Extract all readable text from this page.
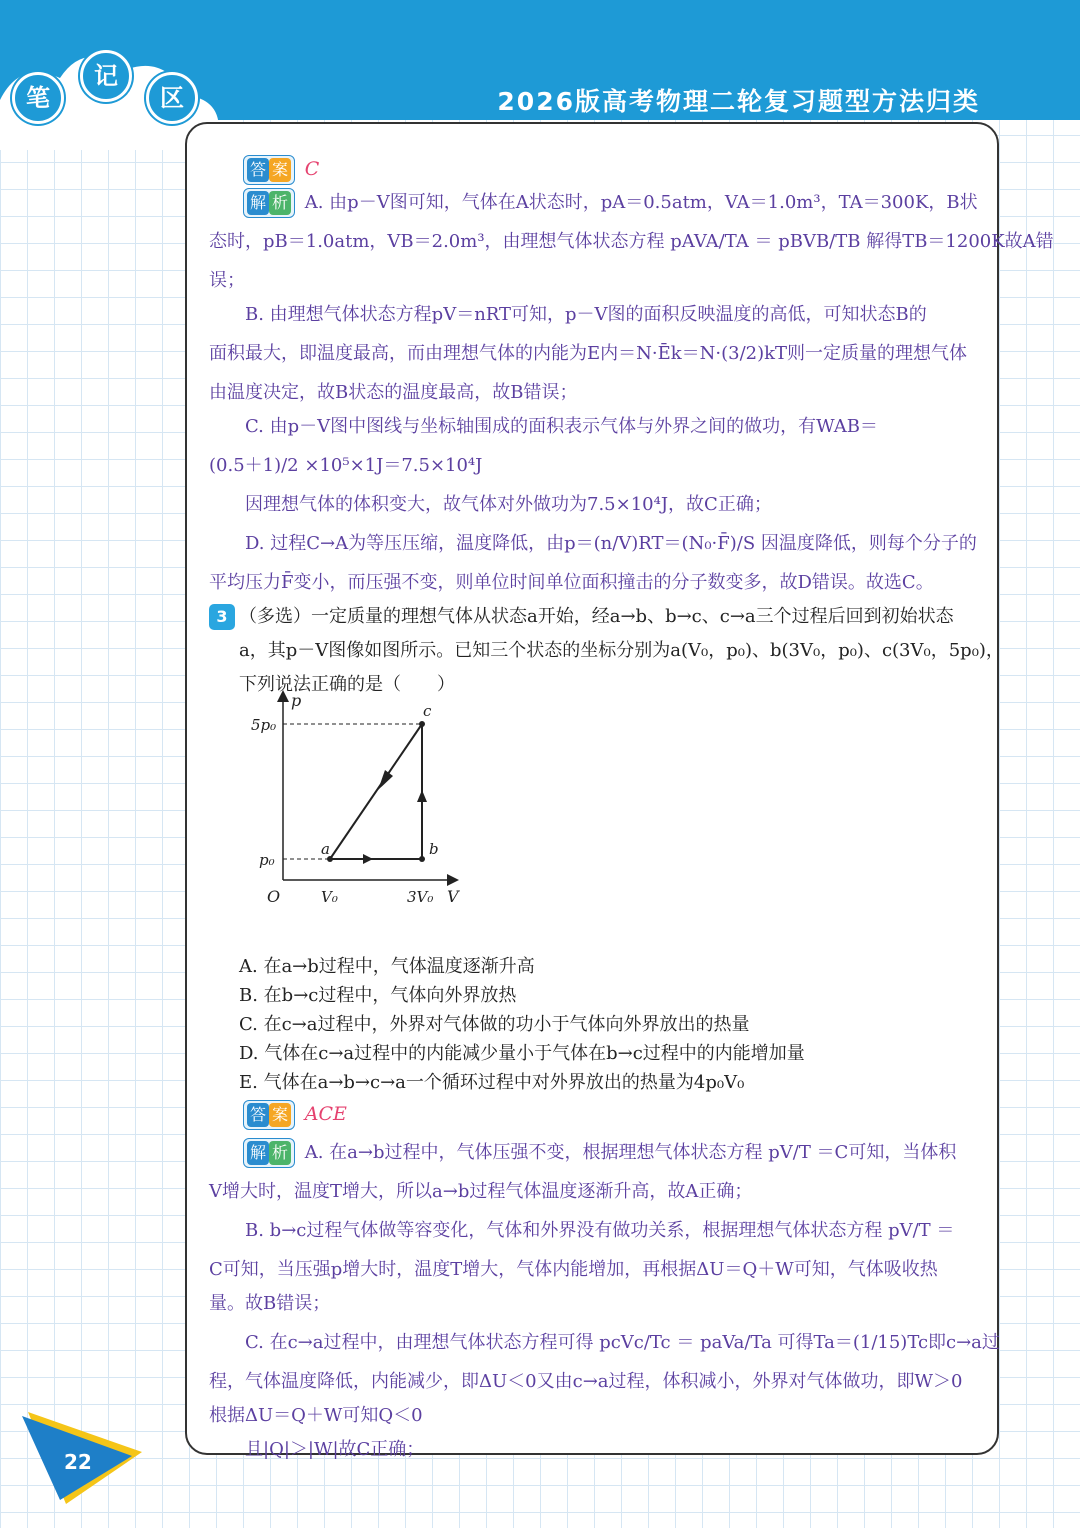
笔
记
区	2026版高考物理二轮复习题型方法归类
答 案 C
解 析 A. 由p－V图可知，气体在A状态时，pA＝0.5atm，VA＝1.0m³，TA＝300K，B状
态时，pB＝1.0atm，VB＝2.0m³，由理想气体状态方程 pAVA/TA ＝ pBVB/TB 解得TB＝1200K故A错
误；
B. 由理想气体状态方程pV＝nRT可知，p－V图的面积反映温度的高低，可知状态B的
面积最大，即温度最高，而由理想气体的内能为E内＝N·Ēk＝N·(3/2)kT则一定质量的理想气体
由温度决定，故B状态的温度最高，故B错误；
C. 由p－V图中图线与坐标轴围成的面积表示气体与外界之间的做功，有WAB＝
(0.5＋1)/2 ×10⁵×1J＝7.5×10⁴J
因理想气体的体积变大，故气体对外做功为7.5×10⁴J，故C正确；
D. 过程C→A为等压压缩，温度降低，由p＝(n/V)RT＝(N₀·F̄)/S 因温度降低，则每个分子的
平均压力F̄变小，而压强不变，则单位时间单位面积撞击的分子数变多，故D错误。故选C。
3 （多选）一定质量的理想气体从状态a开始，经a→b、b→c、c→a三个过程后回到初始状态
a，其p－V图像如图所示。已知三个状态的坐标分别为a(V₀，p₀)、b(3V₀，p₀)、c(3V₀，5p₀)，
下列说法正确的是（　　）
A. 在a→b过程中，气体温度逐渐升高
B. 在b→c过程中，气体向外界放热
C. 在c→a过程中，外界对气体做的功小于气体向外界放出的热量
D. 气体在c→a过程中的内能减少量小于气体在b→c过程中的内能增加量
E. 气体在a→b→c→a一个循环过程中对外界放出的热量为4p₀V₀
答 案 ACE
解 析 A. 在a→b过程中，气体压强不变，根据理想气体状态方程 pV/T ＝C可知，当体积
V增大时，温度T增大，所以a→b过程气体温度逐渐升高，故A正确；
B. b→c过程气体做等容变化，气体和外界没有做功关系，根据理想气体状态方程 pV/T ＝
C可知，当压强p增大时，温度T增大，气体内能增加，再根据ΔU＝Q＋W可知，气体吸收热
量。故B错误；
C. 在c→a过程中，由理想气体状态方程可得 pcVc/Tc ＝ paVa/Ta 可得Ta＝(1/15)Tc即c→a过
程，气体温度降低，内能减少，即ΔU＜0又由c→a过程，体积减小，外界对气体做功，即W＞0
根据ΔU＝Q＋W可知Q＜0
且|Q|＞|W|故C正确；
p
V
O
5p₀
p₀
V₀	3V₀
a	b
c
22
